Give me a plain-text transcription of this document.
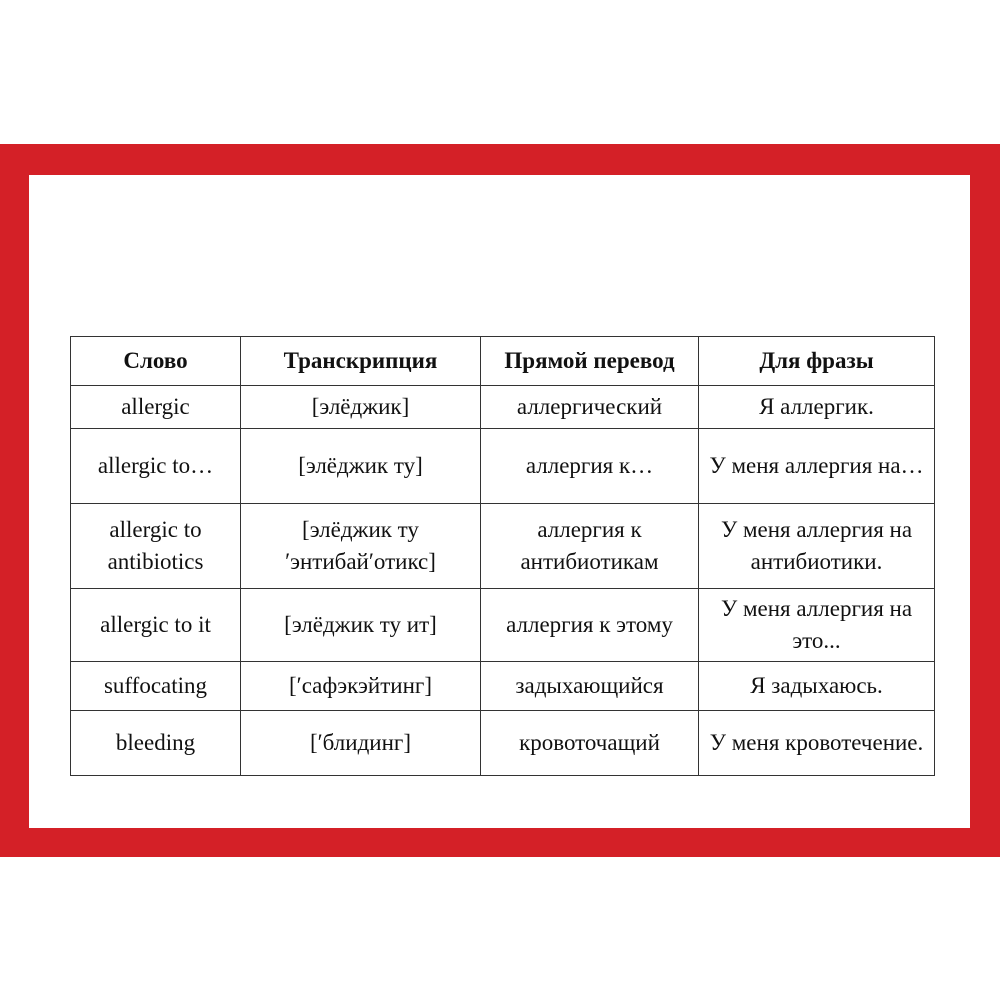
Слово	Транскрипция	Прямой перевод	Для фразы
allergic	[элёджик]	аллергический	Я аллергик.
allergic to…	[элёджик ту]	аллергия к…	У меня аллергия на…
allergic to antibiotics	[элёджик ту ʹэнтибайʹотикс]	аллергия к антибиотикам	У меня аллергия на антибиотики.
allergic to it	[элёджик ту ит]	аллергия к этому	У меня аллергия на это...
suffocating	[ʹсафэкэйтинг]	задыхающийся	Я задыхаюсь.
bleeding	[ʹблидинг]	кровоточащий	У меня кровотечение.
